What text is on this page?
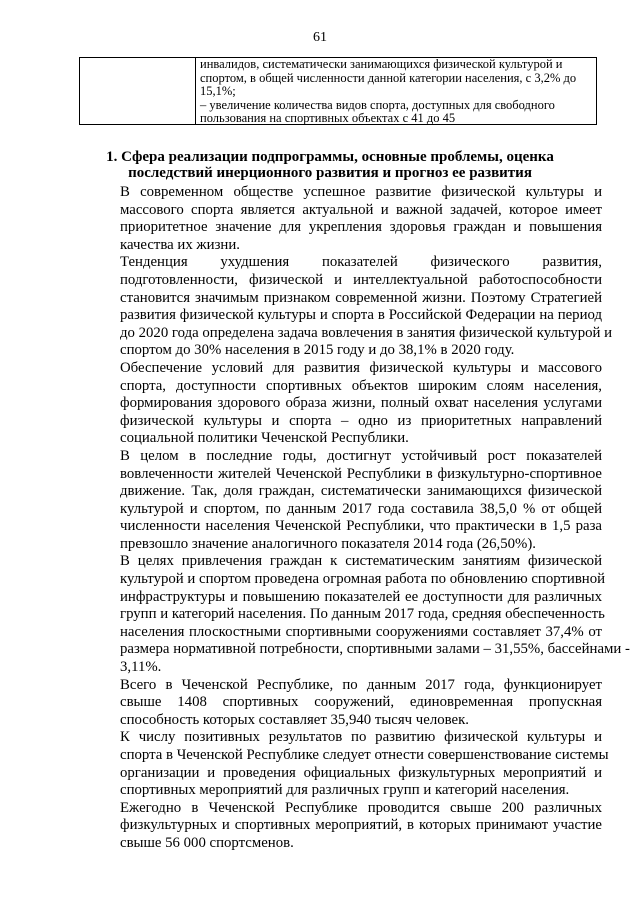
61
инвалидов, систематически занимающихся физической культурой и
спортом, в общей численности данной категории населения, с 3,2% до
15,1%;
– увеличение количества видов спорта, доступных для свободного
пользования на спортивных объектах с 41 до 45
1. Сфера реализации подпрограммы, основные проблемы, оценка
последствий инерционного развития и прогноз ее развития

В современном обществе успешное развитие физической культуры и
массового спорта является актуальной и важной задачей, которое имеет
приоритетное значение для укрепления здоровья граждан и повышения
качества их жизни.

Тенденция ухудшения показателей физического развития,
подготовленности, физической и интеллектуальной работоспособности
становится значимым признаком современной жизни. Поэтому Стратегией
развития физической культуры и спорта в Российской Федерации на период
до 2020 года определена задача вовлечения в занятия физической культурой и
спортом до 30% населения в 2015 году и до 38,1% в 2020 году.

Обеспечение условий для развития физической культуры и массового
спорта, доступности спортивных объектов широким слоям населения,
формирования здорового образа жизни, полный охват населения услугами
физической культуры и спорта – одно из приоритетных направлений
социальной политики Чеченской Республики.

В целом в последние годы, достигнут устойчивый рост показателей
вовлеченности жителей Чеченской Республики в физкультурно-спортивное
движение. Так, доля граждан, систематически занимающихся физической
культурой и спортом, по данным 2017 года составила 38,5,0 % от общей
численности населения Чеченской Республики, что практически в 1,5 раза
превзошло значение аналогичного показателя 2014 года (26,50%).

В целях привлечения граждан к систематическим занятиям физической
культурой и спортом проведена огромная работа по обновлению спортивной
инфраструктуры и повышению показателей ее доступности для различных
групп и категорий населения. По данным 2017 года, средняя обеспеченность
населения плоскостными спортивными сооружениями составляет 37,4% от
размера нормативной потребности, спортивными залами – 31,55%, бассейнами -
3,11%.

Всего в Чеченской Республике, по данным 2017 года, функционирует
свыше 1408 спортивных сооружений, единовременная пропускная
способность которых составляет 35,940 тысяч человек.

К числу позитивных результатов по развитию физической культуры и
спорта в Чеченской Республике следует отнести совершенствование системы
организации и проведения официальных физкультурных мероприятий и
спортивных мероприятий для различных групп и категорий населения.

Ежегодно в Чеченской Республике проводится свыше 200 различных
физкультурных и спортивных мероприятий, в которых принимают участие
свыше 56 000 спортсменов.
